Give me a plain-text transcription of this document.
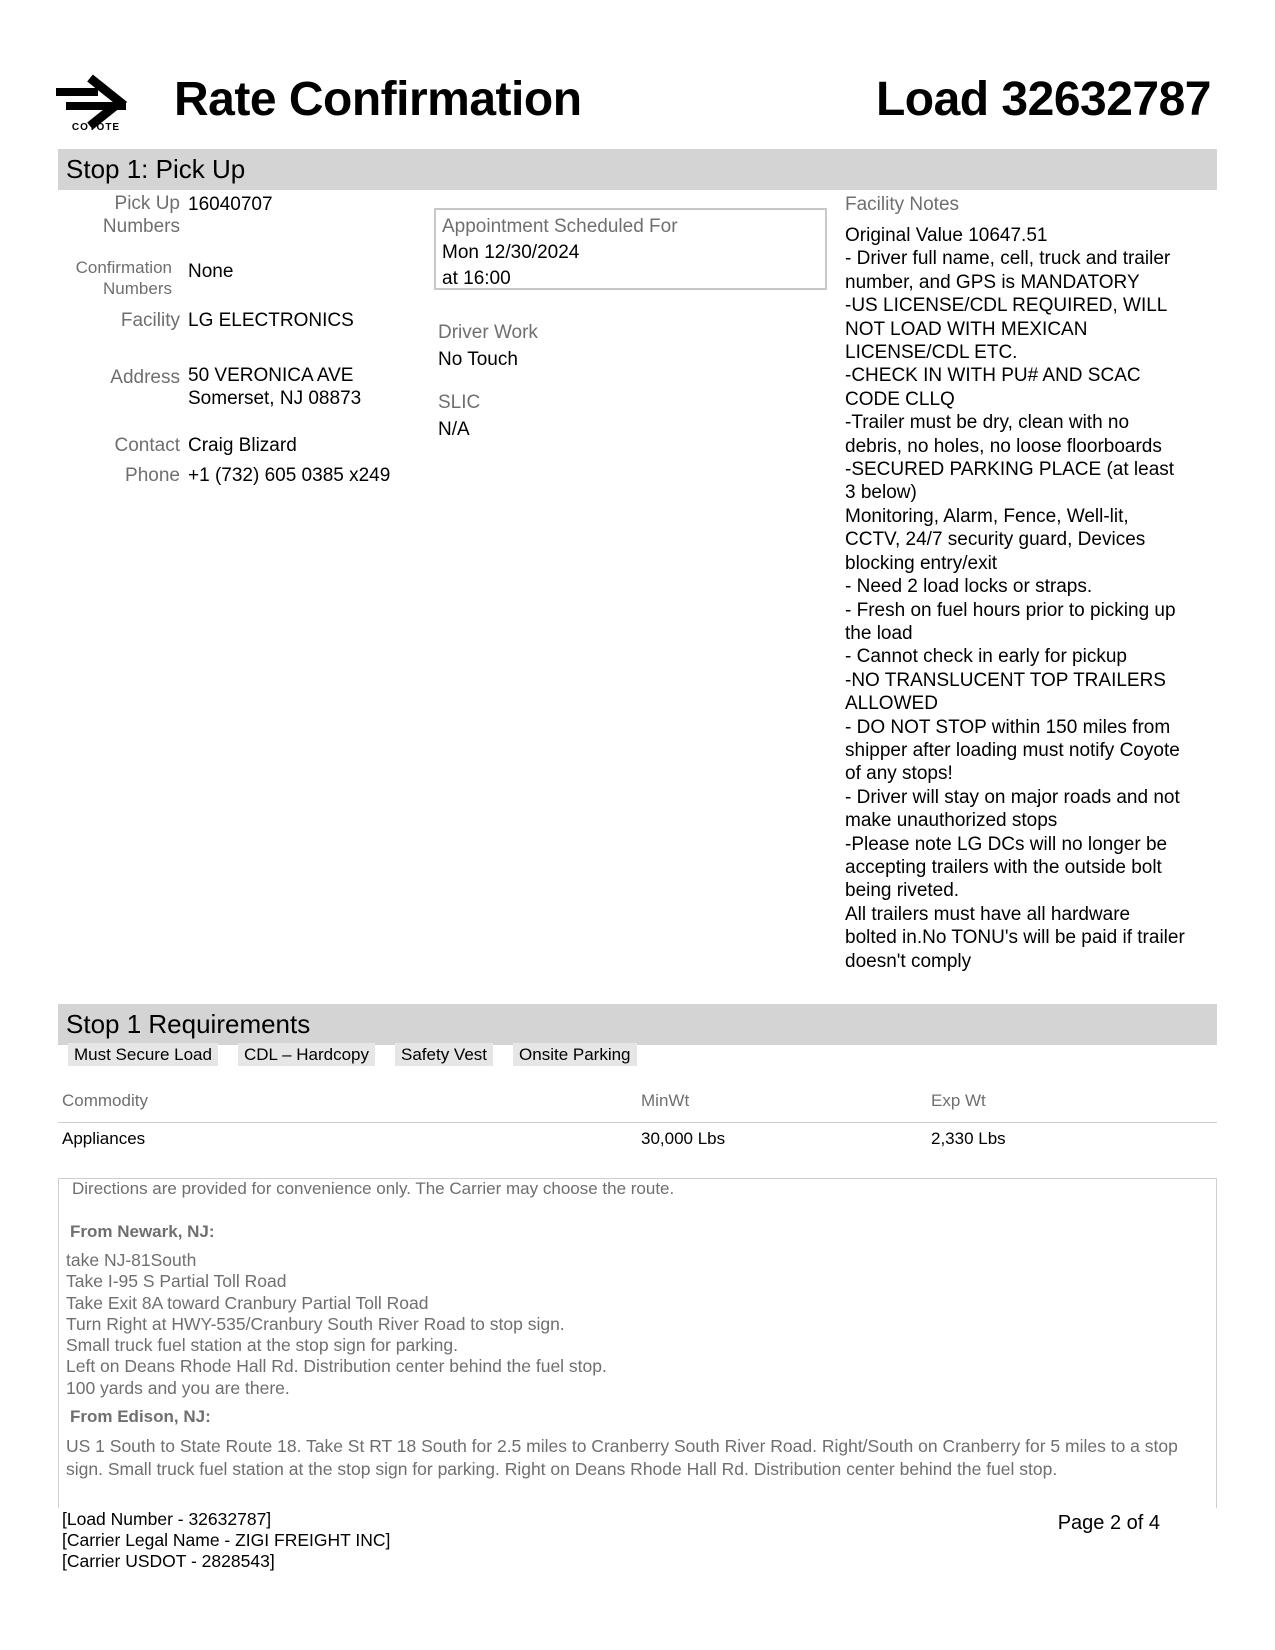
COYOTE
Rate Confirmation	Load 32632787
Stop 1: Pick Up
Pick Up
Numbers
16040707
Confirmation
Numbers
None
Facility LG ELECTRONICS
Address 50 VERONICA AVE
Somerset, NJ 08873
Contact Craig Blizard
Phone +1 (732) 605 0385 x249
Appointment Scheduled For
Mon 12/30/2024
at 16:00
Driver Work
No Touch
SLIC
N/A
Facility Notes
Original Value 10647.51
- Driver full name, cell, truck and trailer
number, and GPS is MANDATORY
-US LICENSE/CDL REQUIRED, WILL
NOT LOAD WITH MEXICAN
LICENSE/CDL ETC.
-CHECK IN WITH PU# AND SCAC
CODE CLLQ
-Trailer must be dry, clean with no
debris, no holes, no loose floorboards
-SECURED PARKING PLACE (at least
3 below)
Monitoring, Alarm, Fence, Well-lit,
CCTV, 24/7 security guard, Devices
blocking entry/exit
- Need 2 load locks or straps.
- Fresh on fuel hours prior to picking up
the load
- Cannot check in early for pickup
-NO TRANSLUCENT TOP TRAILERS
ALLOWED
- DO NOT STOP within 150 miles from
shipper after loading must notify Coyote
of any stops!
- Driver will stay on major roads and not
make unauthorized stops
-Please note LG DCs will no longer be
accepting trailers with the outside bolt
being riveted.
All trailers must have all hardware
bolted in.No TONU's will be paid if trailer
doesn't comply
Stop 1 Requirements
Must Secure Load	CDL – Hardcopy	Safety Vest	Onsite Parking
Commodity	MinWt	Exp Wt
Appliances	30,000 Lbs	2,330 Lbs
Directions are provided for convenience only. The Carrier may choose the route.
From Newark, NJ:
take NJ-81South
Take I-95 S Partial Toll Road
Take Exit 8A toward Cranbury Partial Toll Road
Turn Right at HWY-535/Cranbury South River Road to stop sign.
Small truck fuel station at the stop sign for parking.
Left on Deans Rhode Hall Rd. Distribution center behind the fuel stop.
100 yards and you are there.
From Edison, NJ:
US 1 South to State Route 18. Take St RT 18 South for 2.5 miles to Cranberry South River Road. Right/South on Cranberry for 5 miles to a stop sign. Small truck fuel station at the stop sign for parking. Right on Deans Rhode Hall Rd. Distribution center behind the fuel stop.
[Load Number - 32632787]
[Carrier Legal Name - ZIGI FREIGHT INC]
[Carrier USDOT - 2828543]
Page 2 of 4
